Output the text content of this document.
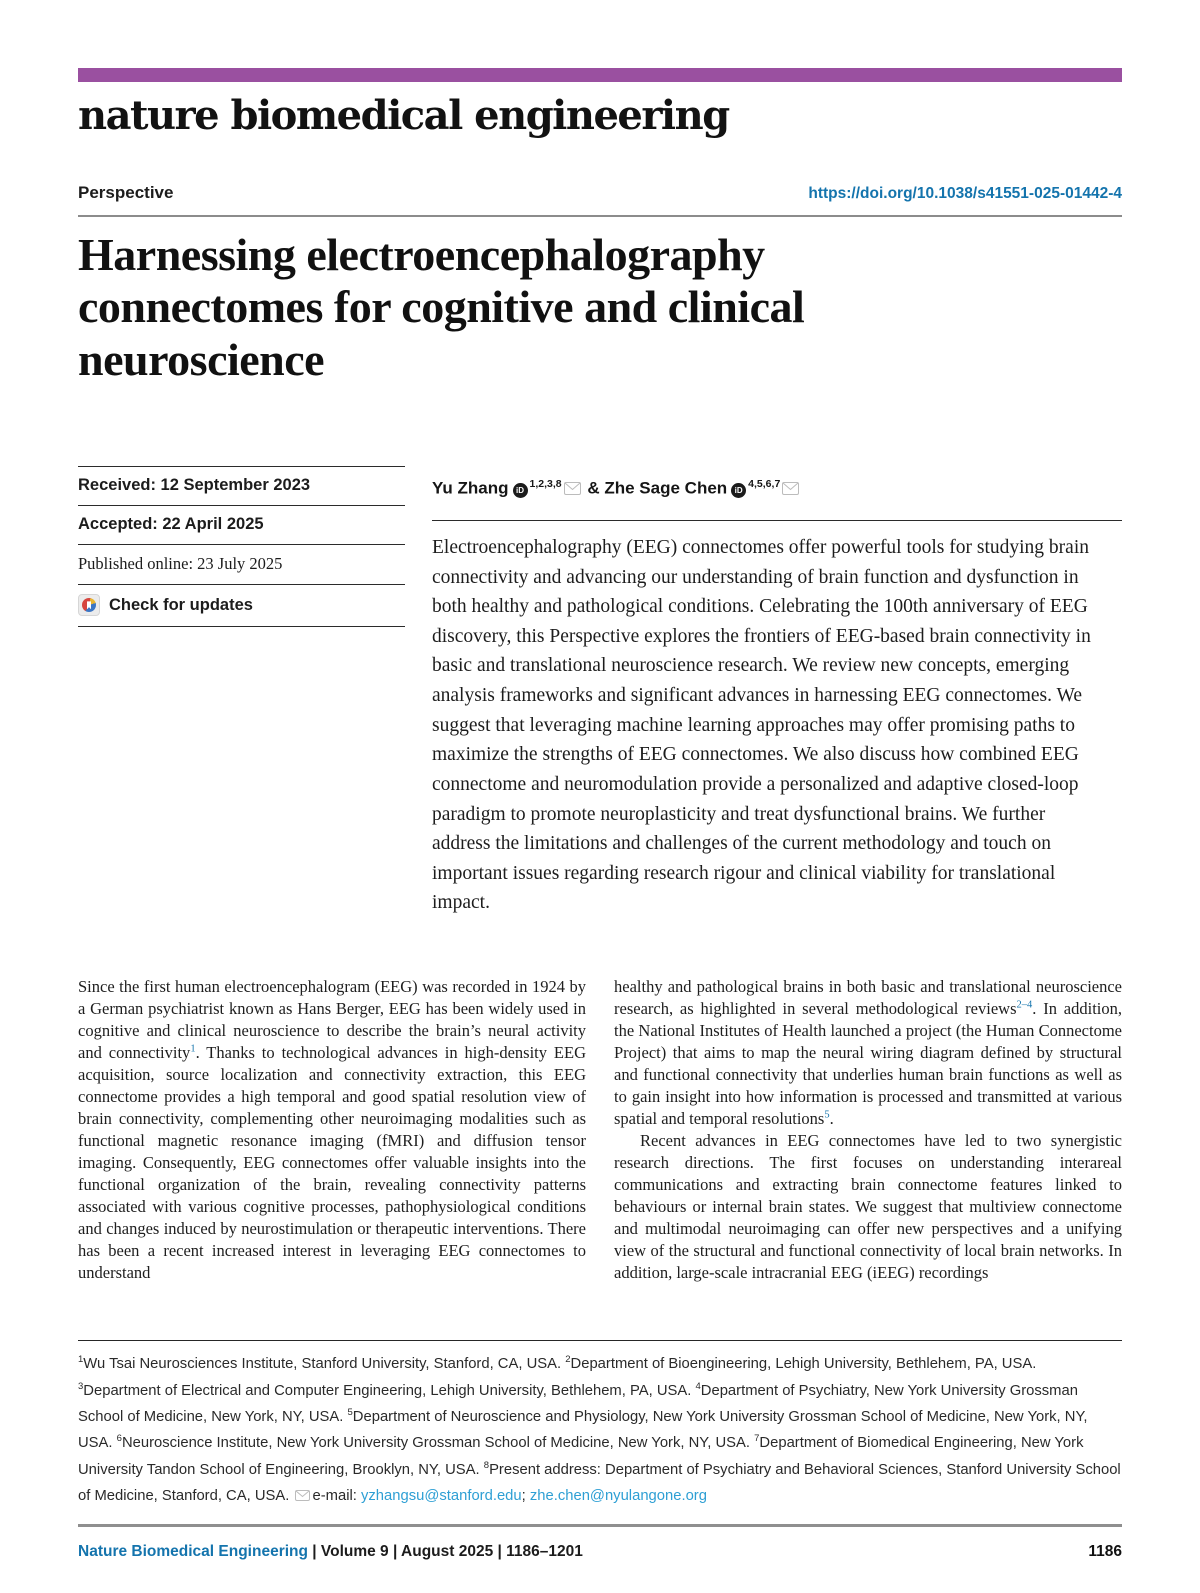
nature biomedical engineering
Perspective	https://doi.org/10.1038/s41551-025-01442-4
Harnessing electroencephalography connectomes for cognitive and clinical neuroscience
Received: 12 September 2023
Accepted: 22 April 2025
Published online: 23 July 2025
Check for updates
Yu Zhang iD$^{1,2,3,8}$ & Zhe Sage Chen iD$^{4,5,6,7}$

Electroencephalography (EEG) connectomes offer powerful tools for studying brain connectivity and advancing our understanding of brain function and dysfunction in both healthy and pathological conditions. Celebrating the 100th anniversary of EEG discovery, this Perspective explores the frontiers of EEG-based brain connectivity in basic and translational neuroscience research. We review new concepts, emerging analysis frameworks and significant advances in harnessing EEG connectomes. We suggest that leveraging machine learning approaches may offer promising paths to maximize the strengths of EEG connectomes. We also discuss how combined EEG connectome and neuromodulation provide a personalized and adaptive closed-loop paradigm to promote neuroplasticity and treat dysfunctional brains. We further address the limitations and challenges of the current methodology and touch on important issues regarding research rigour and clinical viability for translational impact.

Since the first human electroencephalogram (EEG) was recorded in 1924 by a German psychiatrist known as Hans Berger, EEG has been widely used in cognitive and clinical neuroscience to describe the brain’s neural activity and connectivity$^1$. Thanks to technological advances in high-density EEG acquisition, source localization and connectivity extraction, this EEG connectome provides a high temporal and good spatial resolution view of brain connectivity, complementing other neuroimaging modalities such as functional magnetic resonance imaging (fMRI) and diffusion tensor imaging. Consequently, EEG connectomes offer valuable insights into the functional organization of the brain, revealing connectivity patterns associated with various cognitive processes, pathophysiological conditions and changes induced by neurostimulation or therapeutic interventions. There has been a recent increased interest in leveraging EEG connectomes to understand

healthy and pathological brains in both basic and translational neuroscience research, as highlighted in several methodological reviews$^{2-4}$. In addition, the National Institutes of Health launched a project (the Human Connectome Project) that aims to map the neural wiring diagram defined by structural and functional connectivity that underlies human brain functions as well as to gain insight into how information is processed and transmitted at various spatial and temporal resolutions$^5$.

Recent advances in EEG connectomes have led to two synergistic research directions. The first focuses on understanding interareal communications and extracting brain connectome features linked to behaviours or internal brain states. We suggest that multiview connectome and multimodal neuroimaging can offer new perspectives and a unifying view of the structural and functional connectivity of local brain networks. In addition, large-scale intracranial EEG (iEEG) recordings

$^1$Wu Tsai Neurosciences Institute, Stanford University, Stanford, CA, USA. $^2$Department of Bioengineering, Lehigh University, Bethlehem, PA, USA. $^3$Department of Electrical and Computer Engineering, Lehigh University, Bethlehem, PA, USA. $^4$Department of Psychiatry, New York University Grossman School of Medicine, New York, NY, USA. $^5$Department of Neuroscience and Physiology, New York University Grossman School of Medicine, New York, NY, USA. $^6$Neuroscience Institute, New York University Grossman School of Medicine, New York, NY, USA. $^7$Department of Biomedical Engineering, New York University Tandon School of Engineering, Brooklyn, NY, USA. $^8$Present address: Department of Psychiatry and Behavioral Sciences, Stanford University School of Medicine, Stanford, CA, USA. e-mail: yzhangsu@stanford.edu; zhe.chen@nyulangone.org
Nature Biomedical Engineering | Volume 9 | August 2025 | 1186–1201	1186
